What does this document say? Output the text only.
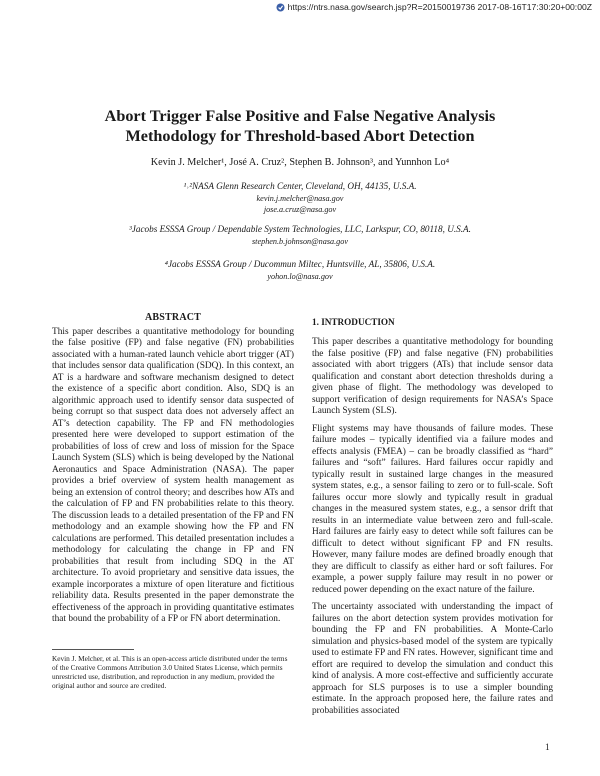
https://ntrs.nasa.gov/search.jsp?R=20150019736 2017-08-16T17:30:20+00:00Z
Abort Trigger False Positive and False Negative Analysis
Methodology for Threshold-based Abort Detection
Kevin J. Melcher¹, José A. Cruz², Stephen B. Johnson³, and Yunnhon Lo⁴
¹˒²NASA Glenn Research Center, Cleveland, OH, 44135, U.S.A.
kevin.j.melcher@nasa.gov
jose.a.cruz@nasa.gov
³Jacobs ESSSA Group / Dependable System Technologies, LLC, Larkspur, CO, 80118, U.S.A.
stephen.b.johnson@nasa.gov
⁴Jacobs ESSSA Group / Ducommun Miltec, Huntsville, AL, 35806, U.S.A.
yohon.lo@nasa.gov
ABSTRACT

This paper describes a quantitative methodology for bounding the false positive (FP) and false negative (FN) probabilities associated with a human-rated launch vehicle abort trigger (AT) that includes sensor data qualification (SDQ). In this context, an AT is a hardware and software mechanism designed to detect the existence of a specific abort condition. Also, SDQ is an algorithmic approach used to identify sensor data suspected of being corrupt so that suspect data does not adversely affect an AT’s detection capability. The FP and FN methodologies presented here were developed to support estimation of the probabilities of loss of crew and loss of mission for the Space Launch System (SLS) which is being developed by the National Aeronautics and Space Administration (NASA). The paper provides a brief overview of system health management as being an extension of control theory; and describes how ATs and the calculation of FP and FN probabilities relate to this theory. The discussion leads to a detailed presentation of the FP and FN methodology and an example showing how the FP and FN calculations are performed. This detailed presentation includes a methodology for calculating the change in FP and FN probabilities that result from including SDQ in the AT architecture. To avoid proprietary and sensitive data issues, the example incorporates a mixture of open literature and fictitious reliability data. Results presented in the paper demonstrate the effectiveness of the approach in providing quantitative estimates that bound the probability of a FP or FN abort determination.

Kevin J. Melcher, et al. This is an open-access article distributed under the terms of the Creative Commons Attribution 3.0 United States License, which permits unrestricted use, distribution, and reproduction in any medium, provided the original author and source are credited.
1. INTRODUCTION

This paper describes a quantitative methodology for bounding the false positive (FP) and false negative (FN) probabilities associated with abort triggers (ATs) that include sensor data qualification and constant abort detection thresholds during a given phase of flight. The methodology was developed to support verification of design requirements for NASA’s Space Launch System (SLS).

Flight systems may have thousands of failure modes. These failure modes – typically identified via a failure modes and effects analysis (FMEA) – can be broadly classified as “hard” failures and “soft” failures. Hard failures occur rapidly and typically result in sustained large changes in the measured system states, e.g., a sensor failing to zero or to full-scale. Soft failures occur more slowly and typically result in gradual changes in the measured system states, e.g., a sensor drift that results in an intermediate value between zero and full-scale. Hard failures are fairly easy to detect while soft failures can be difficult to detect without significant FP and FN results. However, many failure modes are defined broadly enough that they are difficult to classify as either hard or soft failures. For example, a power supply failure may result in no power or reduced power depending on the exact nature of the failure.

The uncertainty associated with understanding the impact of failures on the abort detection system provides motivation for bounding the FP and FN probabilities. A Monte-Carlo simulation and physics-based model of the system are typically used to estimate FP and FN rates. However, significant time and effort are required to develop the simulation and conduct this kind of analysis. A more cost-effective and sufficiently accurate approach for SLS purposes is to use a simpler bounding estimate. In the approach proposed here, the failure rates and probabilities associated

1
